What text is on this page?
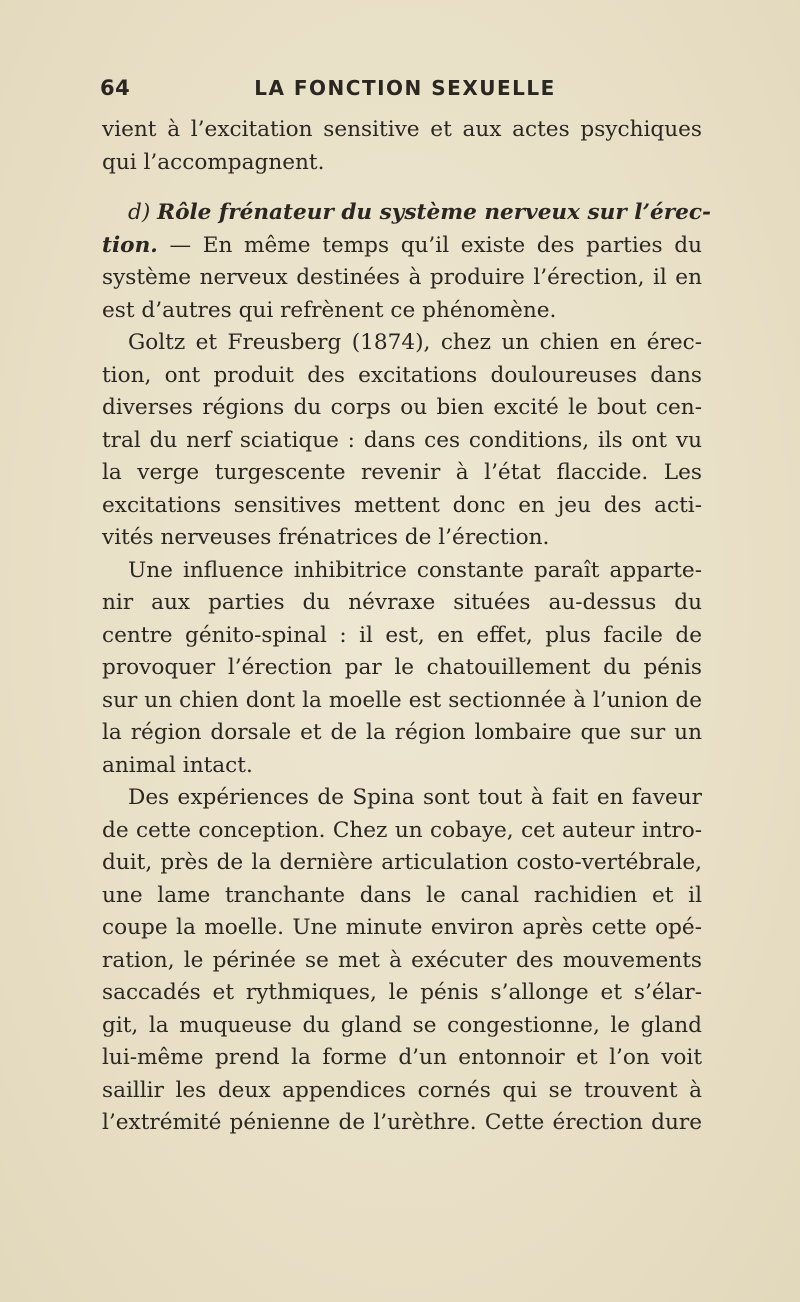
64	LA FONCTION SEXUELLE
vient à l’excitation sensitive et aux actes psychiques
qui l’accompagnent.
d) Rôle frénateur du système nerveux sur l’érec-
tion. — En même temps qu’il existe des parties du
système nerveux destinées à produire l’érection, il en
est d’autres qui refrènent ce phénomène.
Goltz et Freusberg (1874), chez un chien en érec-
tion, ont produit des excitations douloureuses dans
diverses régions du corps ou bien excité le bout cen-
tral du nerf sciatique : dans ces conditions, ils ont vu
la verge turgescente revenir à l’état flaccide. Les
excitations sensitives mettent donc en jeu des acti-
vités nerveuses frénatrices de l’érection.
Une influence inhibitrice constante paraît apparte-
nir aux parties du névraxe situées au-dessus du
centre génito-spinal : il est, en effet, plus facile de
provoquer l’érection par le chatouillement du pénis
sur un chien dont la moelle est sectionnée à l’union de
la région dorsale et de la région lombaire que sur un
animal intact.
Des expériences de Spina sont tout à fait en faveur
de cette conception. Chez un cobaye, cet auteur intro-
duit, près de la dernière articulation costo-vertébrale,
une lame tranchante dans le canal rachidien et il
coupe la moelle. Une minute environ après cette opé-
ration, le périnée se met à exécuter des mouvements
saccadés et rythmiques, le pénis s’allonge et s’élar-
git, la muqueuse du gland se congestionne, le gland
lui-même prend la forme d’un entonnoir et l’on voit
saillir les deux appendices cornés qui se trouvent à
l’extrémité pénienne de l’urèthre. Cette érection dure
